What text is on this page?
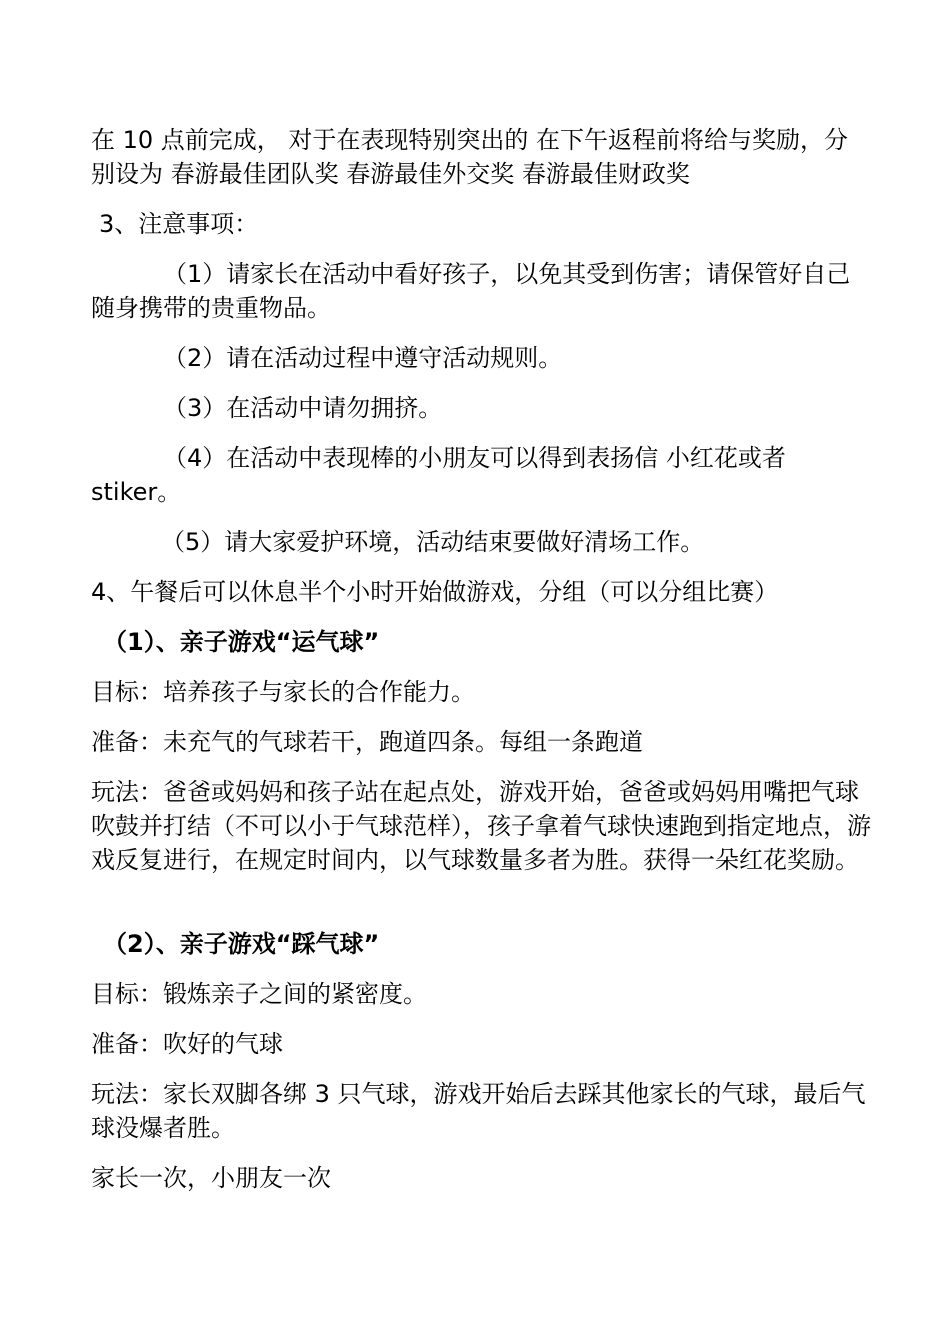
在 10 点前完成， 对于在表现特别突出的 在下午返程前将给与奖励，分别设为 春游最佳团队奖 春游最佳外交奖 春游最佳财政奖

3、注意事项：

（1）请家长在活动中看好孩子，以免其受到伤害；请保管好自己随身携带的贵重物品。

（2）请在活动过程中遵守活动规则。

（3）在活动中请勿拥挤。

（4）在活动中表现棒的小朋友可以得到表扬信 小红花或者stiker。

（5）请大家爱护环境，活动结束要做好清场工作。

4、午餐后可以休息半个小时开始做游戏，分组（可以分组比赛）

（1）、亲子游戏“运气球”

目标：培养孩子与家长的合作能力。

准备：未充气的气球若干，跑道四条。每组一条跑道

玩法：爸爸或妈妈和孩子站在起点处，游戏开始，爸爸或妈妈用嘴把气球吹鼓并打结（不可以小于气球范样），孩子拿着气球快速跑到指定地点，游戏反复进行，在规定时间内，以气球数量多者为胜。获得一朵红花奖励。

（2）、亲子游戏“踩气球”

目标：锻炼亲子之间的紧密度。

准备：吹好的气球

玩法：家长双脚各绑 3 只气球，游戏开始后去踩其他家长的气球，最后气球没爆者胜。

家长一次，小朋友一次
